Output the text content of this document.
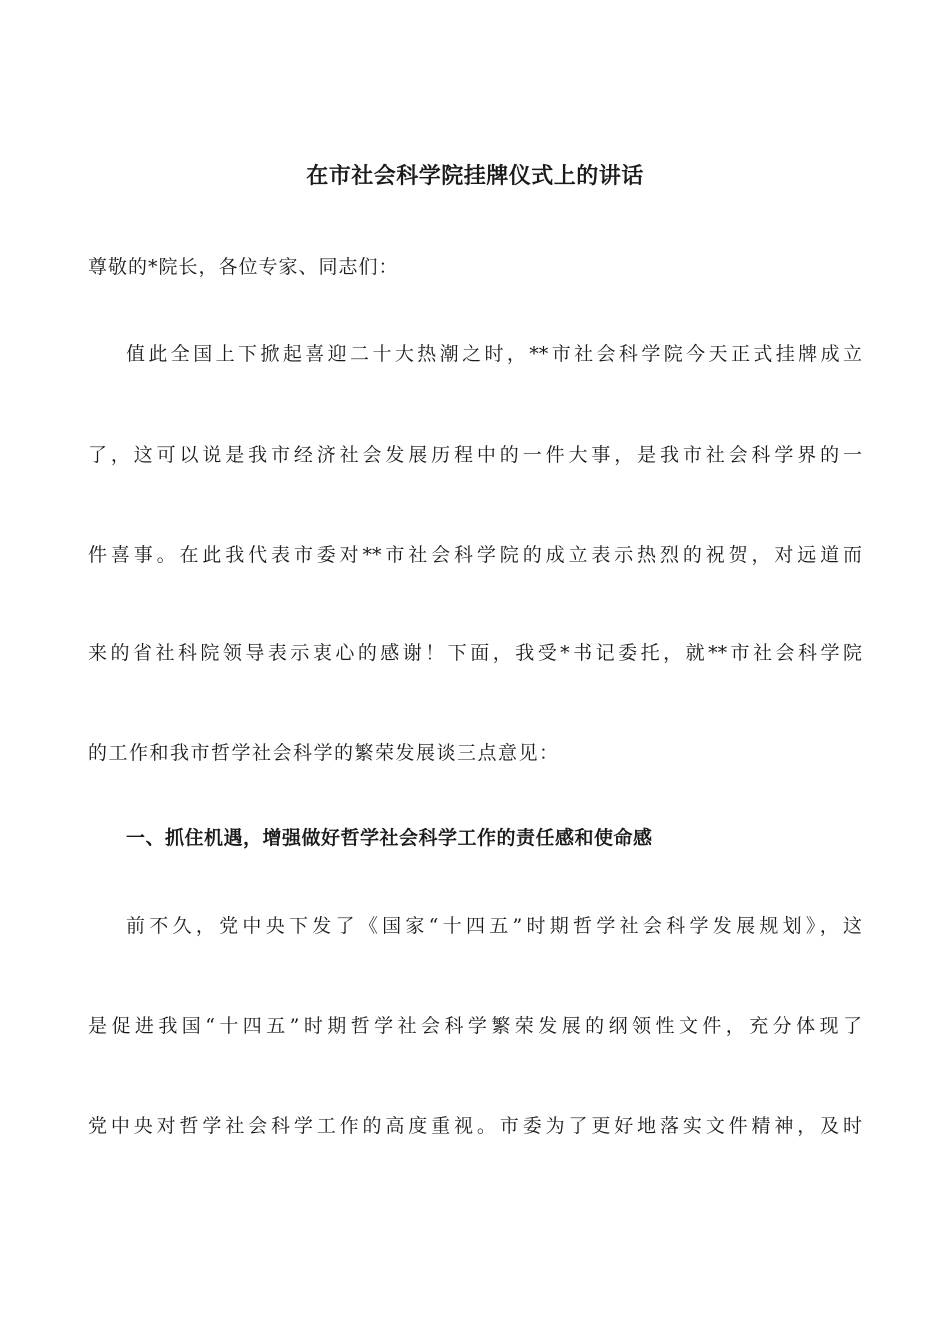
在市社会科学院挂牌仪式上的讲话
尊敬的*院长，各位专家、同志们：
值此全国上下掀起喜迎二十大热潮之时，**市社会科学院今天正式挂牌成立
了，这可以说是我市经济社会发展历程中的一件大事，是我市社会科学界的一
件喜事。在此我代表市委对**市社会科学院的成立表示热烈的祝贺，对远道而
来的省社科院领导表示衷心的感谢！下面，我受*书记委托，就**市社会科学院
的工作和我市哲学社会科学的繁荣发展谈三点意见：
一、抓住机遇，增强做好哲学社会科学工作的责任感和使命感
前不久，党中央下发了《国家“十四五”时期哲学社会科学发展规划》，这
是促进我国“十四五”时期哲学社会科学繁荣发展的纲领性文件，充分体现了
党中央对哲学社会科学工作的高度重视。市委为了更好地落实文件精神，及时
